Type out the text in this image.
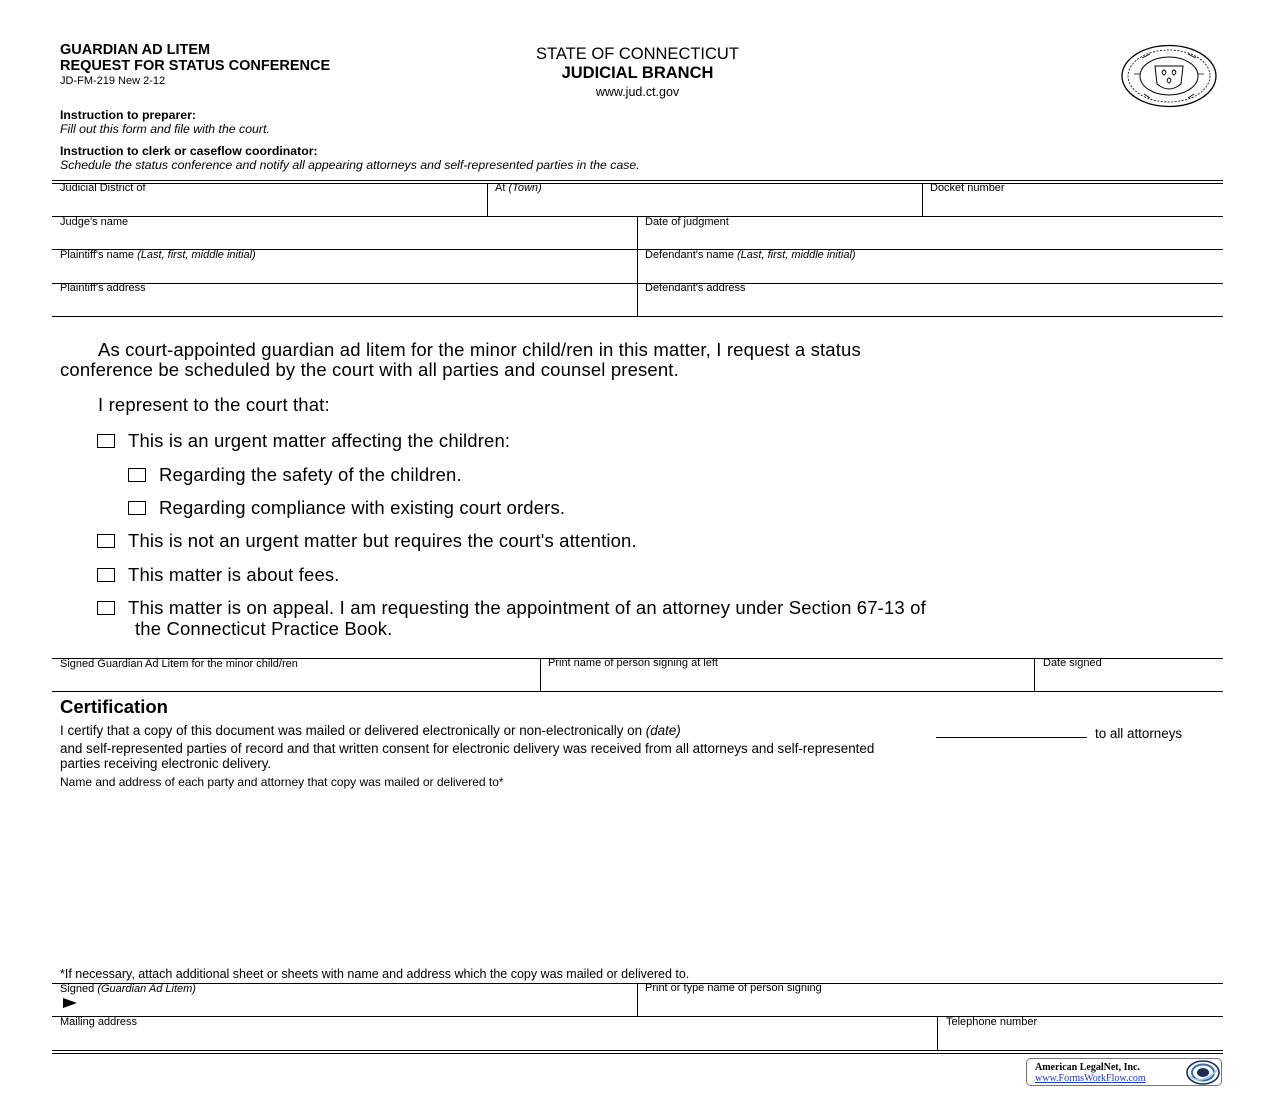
GUARDIAN AD LITEM
REQUEST FOR STATUS CONFERENCE
JD-FM-219 New 2-12
STATE OF CONNECTICUT
JUDICIAL BRANCH
www.jud.ct.gov
Instruction to preparer:
Fill out this form and file with the court.
Instruction to clerk or caseflow coordinator:
Schedule the status conference and notify all appearing attorneys and self-represented parties in the case.
Judicial District of	At (Town)	Docket number
Judge's name	Date of judgment
Plaintiff's name (Last, first, middle initial)	Defendant's name (Last, first, middle initial)
Plaintiff's address	Defendant's address
As court-appointed guardian ad litem for the minor child/ren in this matter, I request a status
conference be scheduled by the court with all parties and counsel present.
I represent to the court that:
This is an urgent matter affecting the children:
Regarding the safety of the children.
Regarding compliance with existing court orders.
This is not an urgent matter but requires the court's attention.
This matter is about fees.
This matter is on appeal. I am requesting the appointment of an attorney under Section 67-13 of
the Connecticut Practice Book.
Signed Guardian Ad Litem for the minor child/ren	Print name of person signing at left	Date signed
Certification
I certify that a copy of this document was mailed or delivered electronically or non-electronically on (date)	to all attorneys
and self-represented parties of record and that written consent for electronic delivery was received from all attorneys and self-represented
parties receiving electronic delivery.
Name and address of each party and attorney that copy was mailed or delivered to*
*If necessary, attach additional sheet or sheets with name and address which the copy was mailed or delivered to.
Signed (Guardian Ad Litem)	Print or type name of person signing
Mailing address	Telephone number
American LegalNet, Inc.
www.FormsWorkFlow.com
